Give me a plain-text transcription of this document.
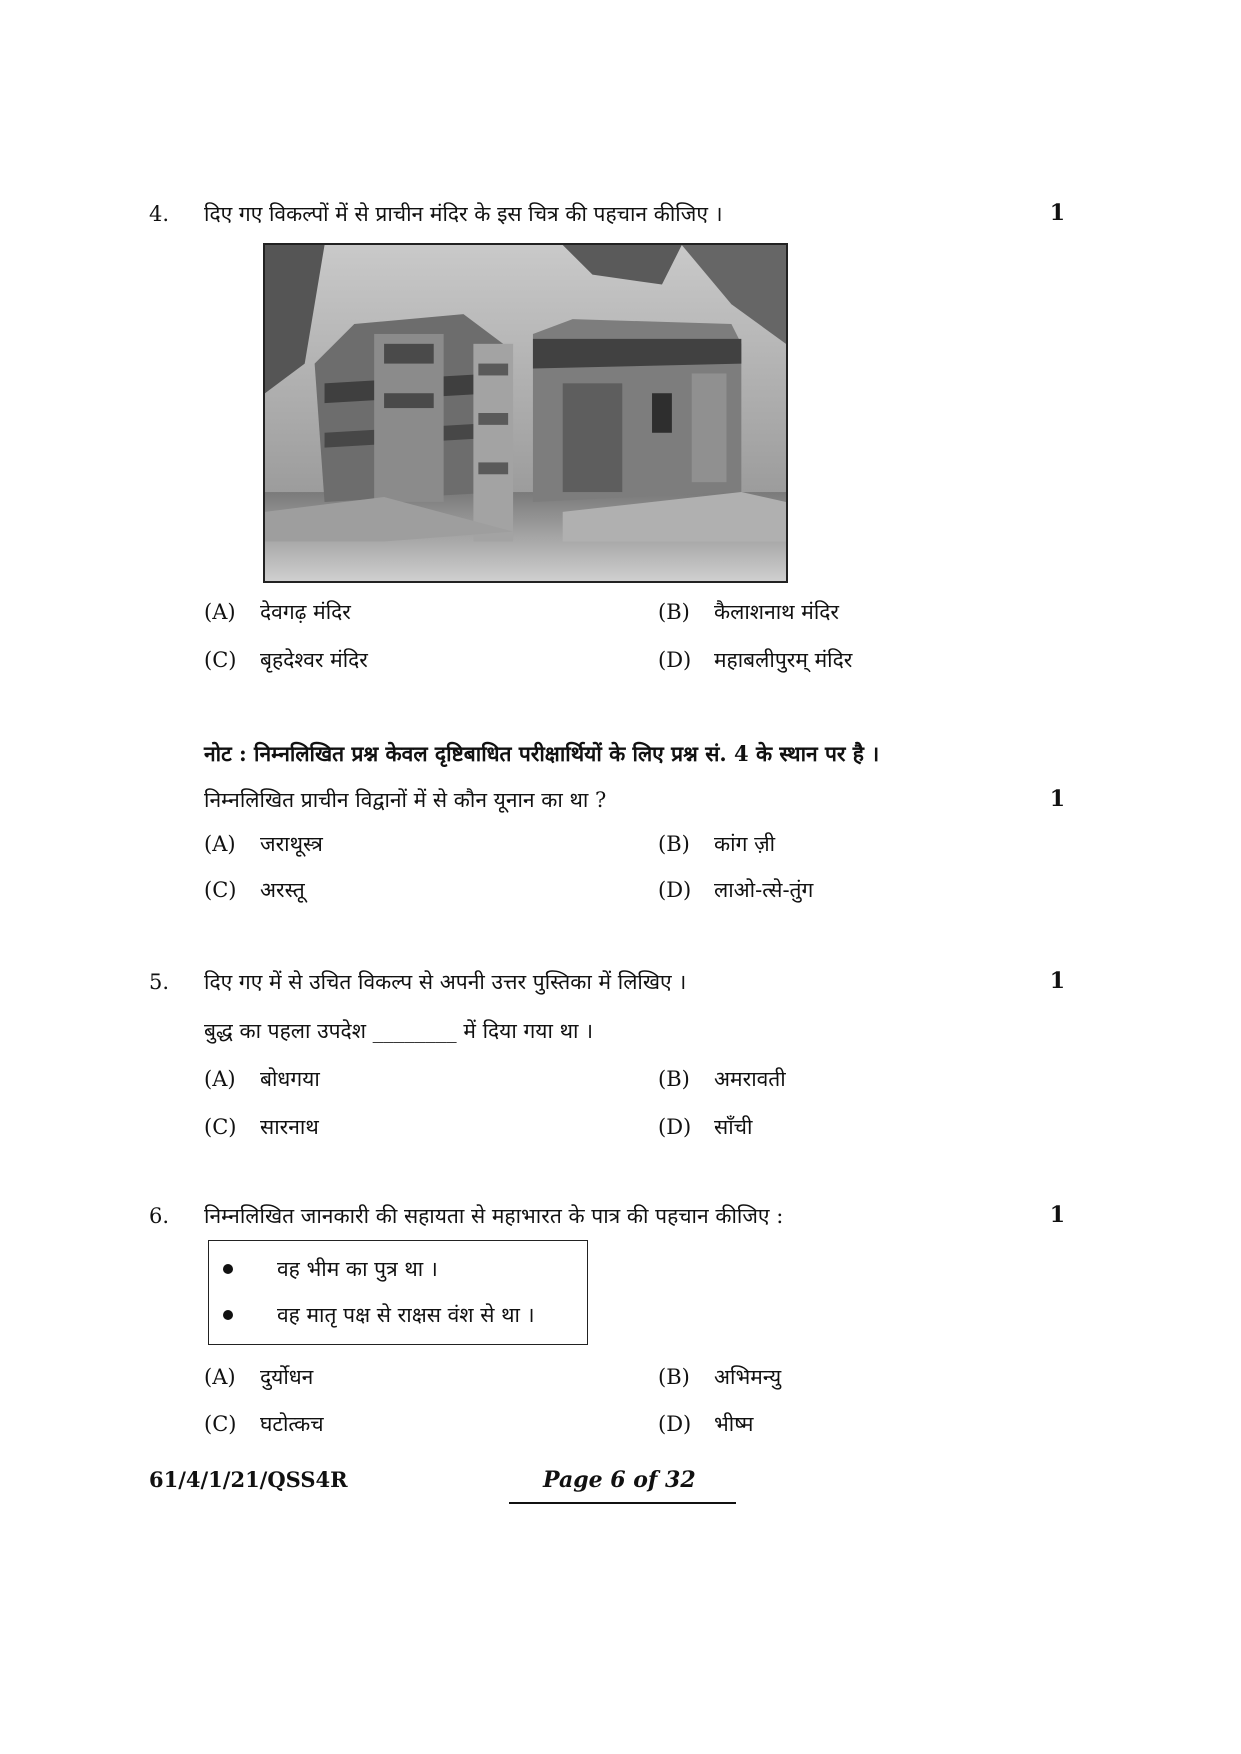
4.	दिए गए विकल्पों में से प्राचीन मंदिर के इस चित्र की पहचान कीजिए ।	1
(A) देवगढ़ मंदिर	(B) कैलाशनाथ मंदिर
(C) बृहदेश्वर मंदिर	(D) महाबलीपुरम् मंदिर
नोट : निम्नलिखित प्रश्न केवल दृष्टिबाधित परीक्षार्थियों के लिए प्रश्न सं. 4 के स्थान पर है ।
निम्नलिखित प्राचीन विद्वानों में से कौन यूनान का था ?	1
(A) जराथूस्त्र	(B) कांग ज़ी
(C) अरस्तू	(D) लाओ-त्से-तुंग
5.	दिए गए में से उचित विकल्प से अपनी उत्तर पुस्तिका में लिखिए ।	1
बुद्ध का पहला उपदेश ________ में दिया गया था ।
(A) बोधगया	(B) अमरावती
(C) सारनाथ	(D) साँची
6.	निम्नलिखित जानकारी की सहायता से महाभारत के पात्र की पहचान कीजिए :	1
वह भीम का पुत्र था ।
वह मातृ पक्ष से राक्षस वंश से था ।
(A) दुर्योधन	(B) अभिमन्यु
(C) घटोत्कच	(D) भीष्म
61/4/1/21/QSS4R	Page 6 of 32
